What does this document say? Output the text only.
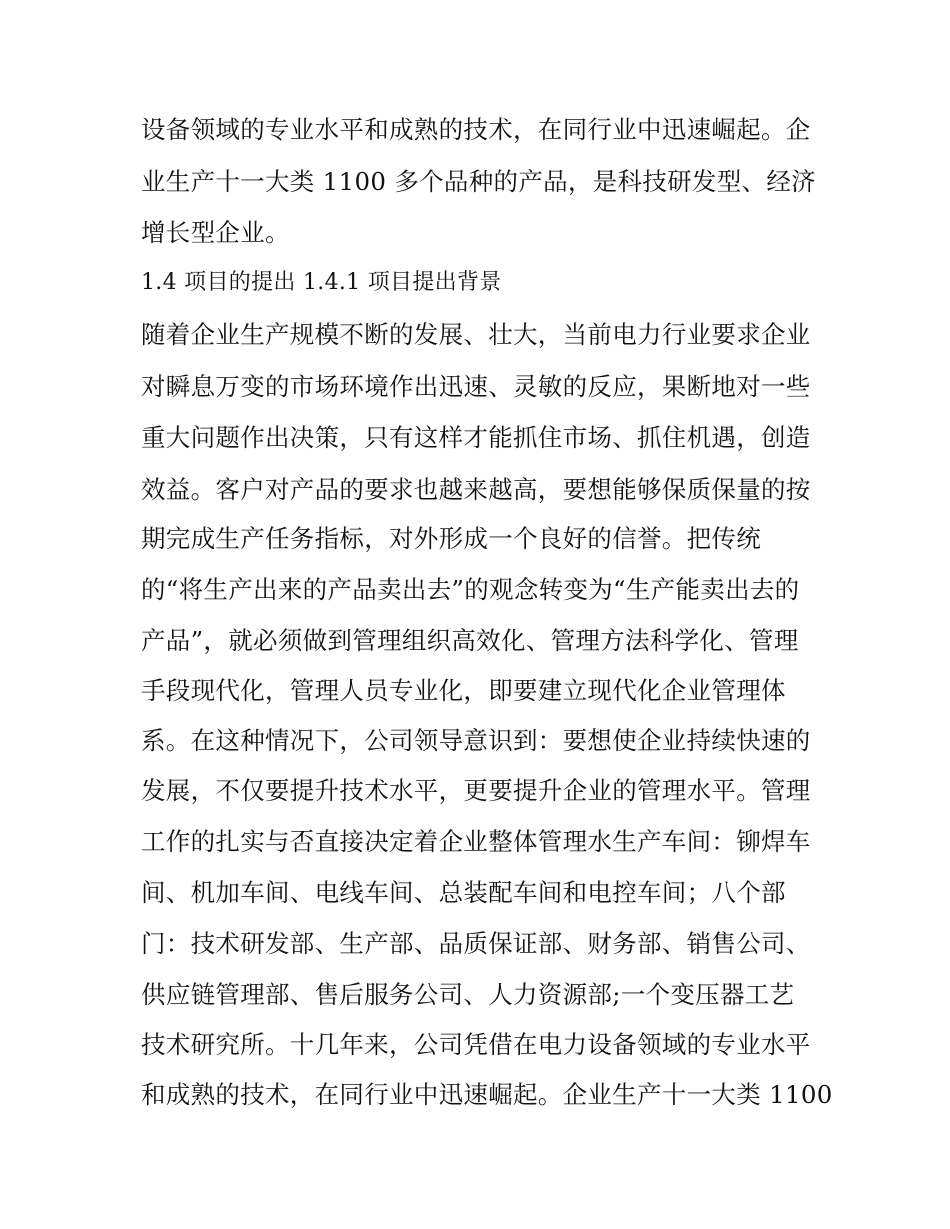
设备领域的专业水平和成熟的技术，在同行业中迅速崛起。企
业生产十一大类 1100 多个品种的产品，是科技研发型、经济
增长型企业。
1.4 项目的提出 1.4.1 项目提出背景
随着企业生产规模不断的发展、壮大，当前电力行业要求企业
对瞬息万变的市场环境作出迅速、灵敏的反应，果断地对一些
重大问题作出决策，只有这样才能抓住市场、抓住机遇，创造
效益。客户对产品的要求也越来越高，要想能够保质保量的按
期完成生产任务指标，对外形成一个良好的信誉。把传统
的“将生产出来的产品卖出去”的观念转变为“生产能卖出去的
产品”，就必须做到管理组织高效化、管理方法科学化、管理
手段现代化，管理人员专业化，即要建立现代化企业管理体
系。在这种情况下，公司领导意识到：要想使企业持续快速的
发展，不仅要提升技术水平，更要提升企业的管理水平。管理
工作的扎实与否直接决定着企业整体管理水生产车间：铆焊车
间、机加车间、电线车间、总装配车间和电控车间；八个部
门：技术研发部、生产部、品质保证部、财务部、销售公司、
供应链管理部、售后服务公司、人力资源部;一个变压器工艺
技术研究所。十几年来，公司凭借在电力设备领域的专业水平
和成熟的技术，在同行业中迅速崛起。企业生产十一大类 1100
